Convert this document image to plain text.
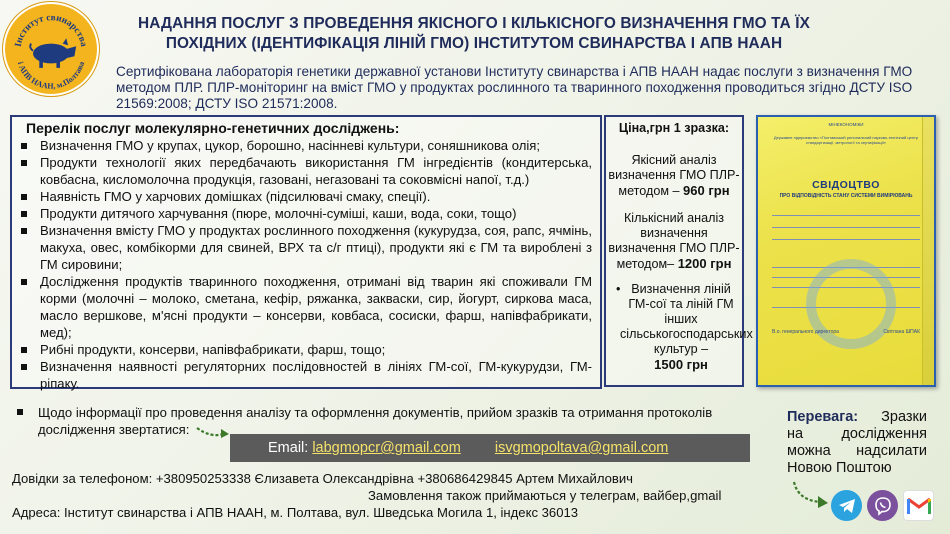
Інститут свинарства
і АПВ НААН, м.Полтава
НАДАННЯ ПОСЛУГ З ПРОВЕДЕННЯ ЯКІСНОГО І КІЛЬКІСНОГО ВИЗНАЧЕННЯ ГМО ТА ЇХ ПОХІДНИХ (ІДЕНТИФІКАЦІЯ ЛІНІЙ ГМО) ІНСТИТУТОМ СВИНАРСТВА І АПВ НААН
Сертифікована лабораторія генетики державної установи Інституту свинарства і АПВ НААН надає послуги з визначення ГМО методом ПЛР. ПЛР-моніторинг на вміст ГМО у продуктах рослинного та тваринного походження проводиться згідно ДСТУ ISO 21569:2008; ДСТУ ISO 21571:2008.
Перелік послуг молекулярно-генетичних досліджень:
Визначення ГМО у крупах, цукор, борошно, насінневі культури, соняшникова олія;
Продукти технології яких передбачають використання ГМ інгредієнтів (кондитерська, ковбасна, кисломолочна продукція, газовані, негазовані та соковмісні напої, т.д.)
Наявність ГМО у харчових домішках (підсилювачі смаку, спеції).
Продукти дитячого харчування (пюре, молочні-суміші, каши, вода, соки, тощо)
Визначення вмісту ГМО у продуктах рослинного походження (кукурудза, соя, рапс, ячмінь, макуха, овес, комбікорми для свиней, ВРХ та с/г птиці), продукти які є ГМ та вироблені з ГМ сировини;
Дослідження продуктів тваринного походження, отримані від тварин які споживали ГМ корми (молочні – молоко, сметана, кефір, ряжанка, закваски, сир, йогурт, сиркова маса, масло вершкове, м'ясні продукти – консерви, ковбаса, сосиски, фарш, напівфабрикати, мед);
Рибні продукти, консерви, напівфабрикати, фарш, тощо;
Визначення наявності регуляторних послідовностей в лініях ГМ-сої, ГМ-кукурудзи, ГМ-ріпаку.
Ціна,грн 1 зразка:
Якісний аналіз визначення ГМО ПЛР-методом – 960 грн
Кількісний аналіз визначення визначення ГМО ПЛР-методом– 1200 грн
• Визначення ліній ГМ-сої та ліній ГМ інших сільськогосподарських культур –
1500 грн
МІНЕКОНОМІКИ
Державне підприємство «Полтавський регіональний науково-технічний центр стандартизації, метрології та сертифікації»
СВІДОЦТВО
ПРО ВІДПОВІДНІСТЬ СТАНУ СИСТЕМИ ВИМІРЮВАНЬ
В.о. генерального директора	Світлана ШПАК
Щодо інформації про проведення аналізу та оформлення документів, прийом зразків та отримання протоколів дослідження звертатися:
Email: labgmopcr@gmail.com isvgmopoltava@gmail.com
Довідки за телефоном: +380950253338 Єлизавета Олександрівна +380686429845 Артем Михайлович
Замовлення також приймаються у телеграм, вайбер,gmail
Адреса: Інститут свинарства і АПВ НААН, м. Полтава, вул. Шведська Могила 1, індекс 36013
Перевага: Зразки на дослідження можна надсилати Новою Поштою
